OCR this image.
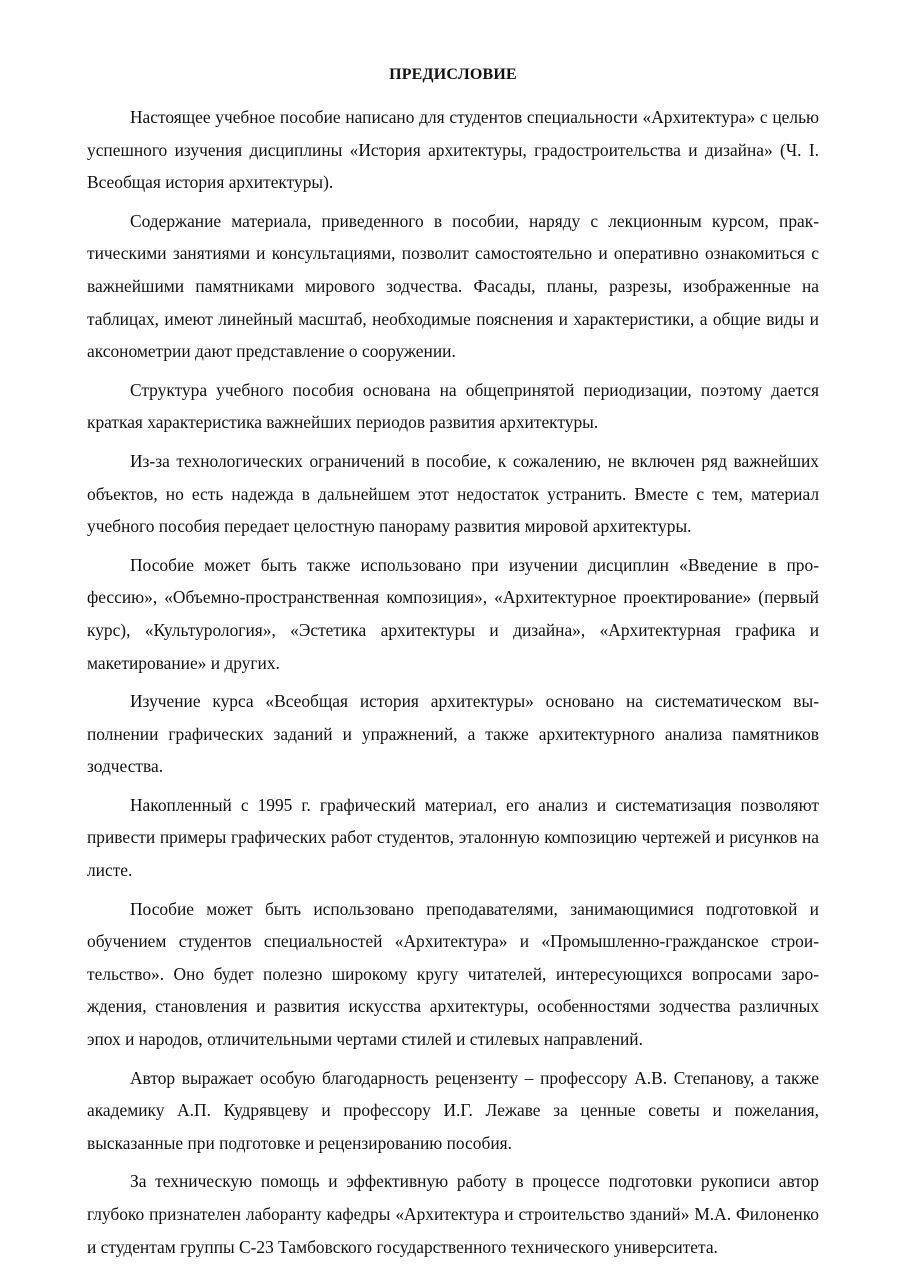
ПРЕДИСЛОВИЕ

Настоящее учебное пособие написано для студентов специальности «Архитектура» с целью успешного изучения дисциплины «История архитектуры, градостроительства и дизайна» (Ч. I. Всеобщая история архитектуры).

Содержание материала, приведенного в пособии, наряду с лекционным курсом, практическими занятиями и консультациями, позволит самостоятельно и оперативно ознакомиться с важнейшими памятниками мирового зодчества. Фасады, планы, разрезы, изображенные на таблицах, имеют линейный масштаб, необходимые пояснения и характеристики, а общие виды и аксонометрии дают представление о сооружении.

Структура учебного пособия основана на общепринятой периодизации, поэтому дается краткая характеристика важнейших периодов развития архитектуры.

Из-за технологических ограничений в пособие, к сожалению, не включен ряд важнейших объектов, но есть надежда в дальнейшем этот недостаток устранить. Вместе с тем, материал учебного пособия передает целостную панораму развития мировой архитектуры.

Пособие может быть также использовано при изучении дисциплин «Введение в профессию», «Объемно-пространственная композиция», «Архитектурное проектирование» (первый курс), «Культурология», «Эстетика архитектуры и дизайна», «Архитектурная графика и макетирование» и других.

Изучение курса «Всеобщая история архитектуры» основано на систематическом выполнении графических заданий и упражнений, а также архитектурного анализа памятников зодчества.

Накопленный с 1995 г. графический материал, его анализ и систематизация позволяют привести примеры графических работ студентов, эталонную композицию чертежей и рисунков на листе.

Пособие может быть использовано преподавателями, занимающимися подготовкой и обучением студентов специальностей «Архитектура» и «Промышленно-гражданское строительство». Оно будет полезно широкому кругу читателей, интересующихся вопросами зарождения, становления и развития искусства архитектуры, особенностями зодчества различных эпох и народов, отличительными чертами стилей и стилевых направлений.

Автор выражает особую благодарность рецензенту – профессору А.В. Степанову, а также академику А.П. Кудрявцеву и профессору И.Г. Лежаве за ценные советы и пожелания, высказанные при подготовке и рецензированию пособия.

За техническую помощь и эффективную работу в процессе подготовки рукописи автор глубоко признателен лаборанту кафедры «Архитектура и строительство зданий» М.А. Филоненко и студентам группы С-23 Тамбовского государственного технического университета.
